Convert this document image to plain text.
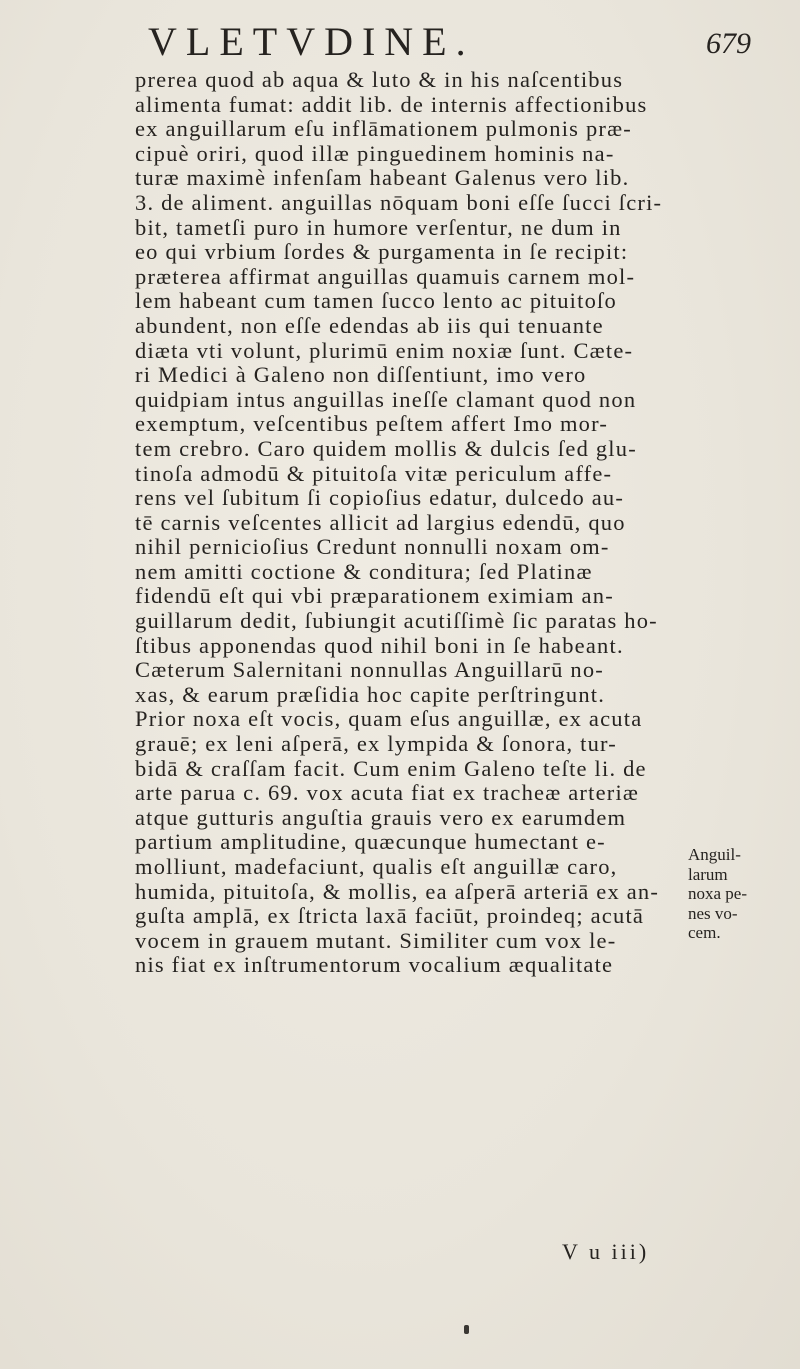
VLETVDINE.	679
prerea quod ab aqua & luto & in his naſcentibus
alimenta fumat: addit lib. de internis affectionibus
ex anguillarum eſu inflāmationem pulmonis præ-
cipuè oriri, quod illæ pinguedinem hominis na-
turæ maximè infenſam habeant Galenus vero lib.
3. de aliment. anguillas nōquam boni eſſe ſucci ſcri-
bit, tametſi puro in humore verſentur, ne dum in
eo qui vrbium ſordes & purgamenta in ſe recipit:
præterea affirmat anguillas quamuis carnem mol-
lem habeant cum tamen ſucco lento ac pituitoſo
abundent, non eſſe edendas ab iis qui tenuante
diæta vti volunt, plurimū enim noxiæ ſunt. Cæte-
ri Medici à Galeno non diſſentiunt, imo vero
quidpiam intus anguillas ineſſe clamant quod non
exemptum, veſcentibus peſtem affert Imo mor-
tem crebro. Caro quidem mollis & dulcis ſed glu-
tinoſa admodū & pituitoſa vitæ periculum affe-
rens vel ſubitum ſi copioſius edatur, dulcedo au-
tē carnis veſcentes allicit ad largius edendū, quo
nihil pernicioſius Credunt nonnulli noxam om-
nem amitti coctione & conditura; ſed Platinæ
fidendū eſt qui vbi præparationem eximiam an-
guillarum dedit, ſubiungit acutiſſimè ſic paratas ho-
ſtibus apponendas quod nihil boni in ſe habeant.
Cæterum Salernitani nonnullas Anguillarū no-
xas, & earum præſidia hoc capite perſtringunt.
Prior noxa eſt vocis, quam eſus anguillæ, ex acuta
grauē; ex leni aſperā, ex lympida & ſonora, tur-
bidā & craſſam facit. Cum enim Galeno teſte li. de
arte parua c. 69. vox acuta fiat ex tracheæ arteriæ
atque gutturis anguſtia grauis vero ex earumdem
partium amplitudine, quæcunque humectant e-
molliunt, madefaciunt, qualis eſt anguillæ caro,
humida, pituitoſa, & mollis, ea aſperā arteriā ex an-
guſta amplā, ex ſtricta laxā faciūt, proindeq; acutā
vocem in grauem mutant. Similiter cum vox le-
nis fiat ex inſtrumentorum vocalium æqualitate
Anguil-
larum
noxa pe-
nes vo-
cem.
V u iii)
